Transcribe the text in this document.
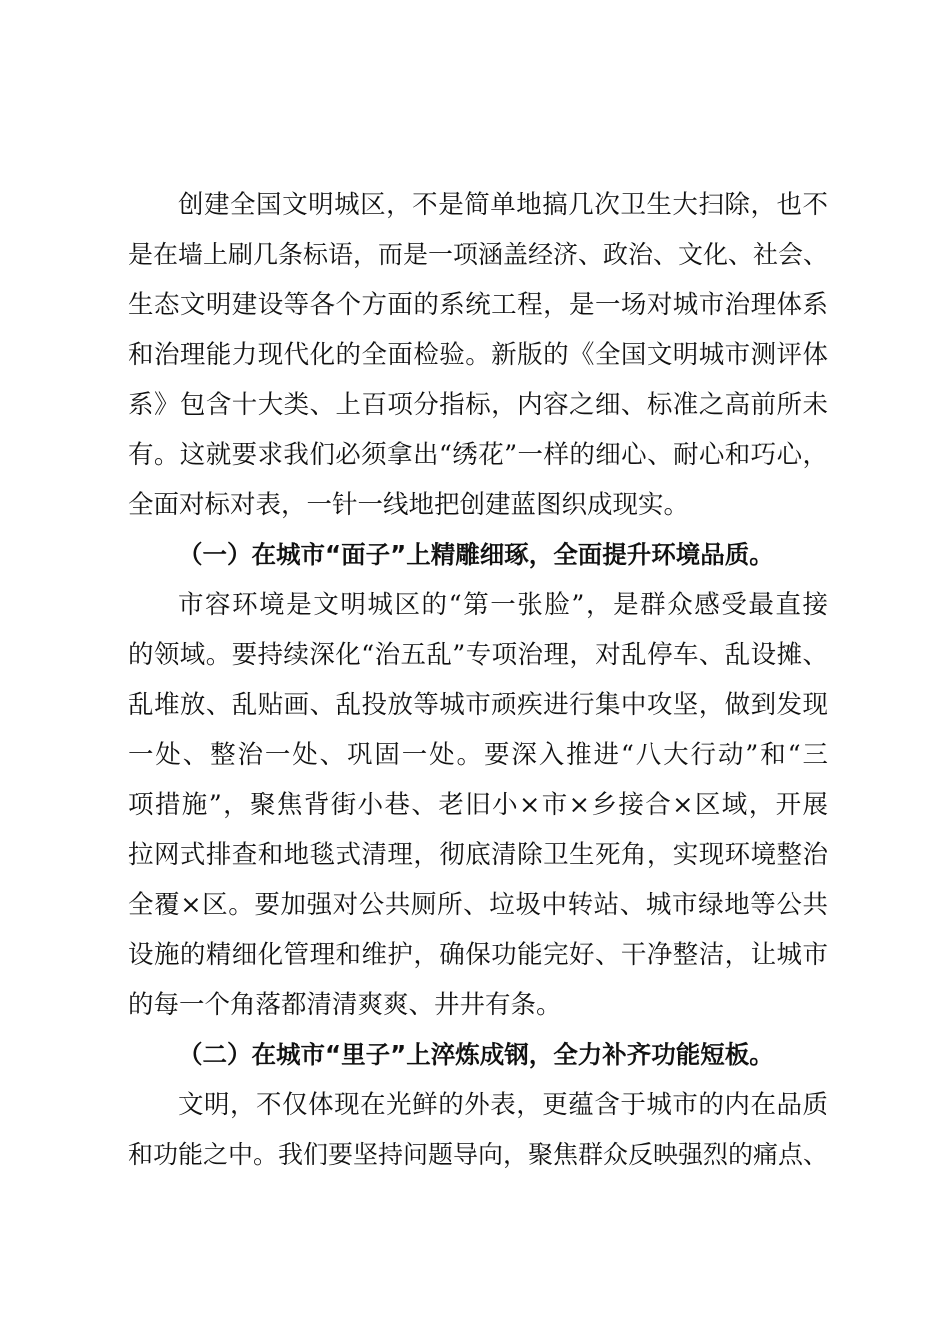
创建全国文明城区，不是简单地搞几次卫生大扫除，也不

是在墙上刷几条标语，而是一项涵盖经济、政治、文化、社会、

生态文明建设等各个方面的系统工程，是一场对城市治理体系

和治理能力现代化的全面检验。新版的《全国文明城市测评体

系》包含十大类、上百项分指标，内容之细、标准之高前所未

有。这就要求我们必须拿出“绣花”一样的细心、耐心和巧心，

全面对标对表，一针一线地把创建蓝图织成现实。

（一）在城市“面子”上精雕细琢，全面提升环境品质。

市容环境是文明城区的“第一张脸”，是群众感受最直接

的领域。要持续深化“治五乱”专项治理，对乱停车、乱设摊、

乱堆放、乱贴画、乱投放等城市顽疾进行集中攻坚，做到发现

一处、整治一处、巩固一处。要深入推进“八大行动”和“三

项措施”，聚焦背街小巷、老旧小×市×乡接合×区域，开展

拉网式排查和地毯式清理，彻底清除卫生死角，实现环境整治

全覆×区。要加强对公共厕所、垃圾中转站、城市绿地等公共

设施的精细化管理和维护，确保功能完好、干净整洁，让城市

的每一个角落都清清爽爽、井井有条。

（二）在城市“里子”上淬炼成钢，全力补齐功能短板。

文明，不仅体现在光鲜的外表，更蕴含于城市的内在品质

和功能之中。我们要坚持问题导向，聚焦群众反映强烈的痛点、
